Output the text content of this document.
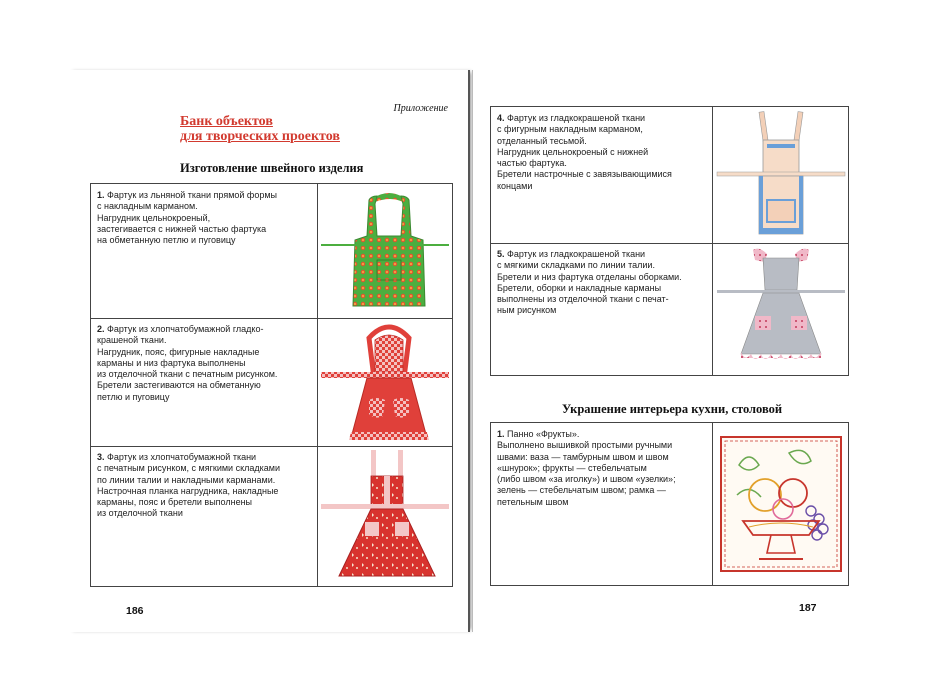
Приложение
Банк объектов
для творческих проектов
Изготовление швейного изделия
1. Фартук из льняной ткани прямой формы
с накладным карманом.
Нагрудник цельнокроеный,
застегивается с нижней частью фартука
на обметанную петлю и пуговицу
2. Фартук из хлопчатобумажной гладко-
крашеной ткани.
Нагрудник, пояс, фигурные накладные
карманы и низ фартука выполнены
из отделочной ткани с печатным рисунком.
Бретели застегиваются на обметанную
петлю и пуговицу
3. Фартук из хлопчатобумажной ткани
с печатным рисунком, с мягкими складками
по линии талии и накладными карманами.
Настрочная планка нагрудника, накладные
карманы, пояс и бретели выполнены
из отделочной ткани
186
4. Фартук из гладкокрашеной ткани
с фигурным накладным карманом,
отделанный тесьмой.
Нагрудник цельнокроеный с нижней
частью фартука.
Бретели настрочные с завязывающимися
концами
5. Фартук из гладкокрашеной ткани
с мягкими складками по линии талии.
Бретели и низ фартука отделаны оборками.
Бретели, оборки и накладные карманы
выполнены из отделочной ткани с печат-
ным рисунком
Украшение интерьера кухни, столовой
1. Панно «Фрукты».
Выполнено вышивкой простыми ручными
швами: ваза — тамбурным швом и швом
«шнурок»; фрукты — стебельчатым
(либо швом «за иголку») и швом «узелки»;
зелень — стебельчатым швом; рамка —
петельным швом
187
